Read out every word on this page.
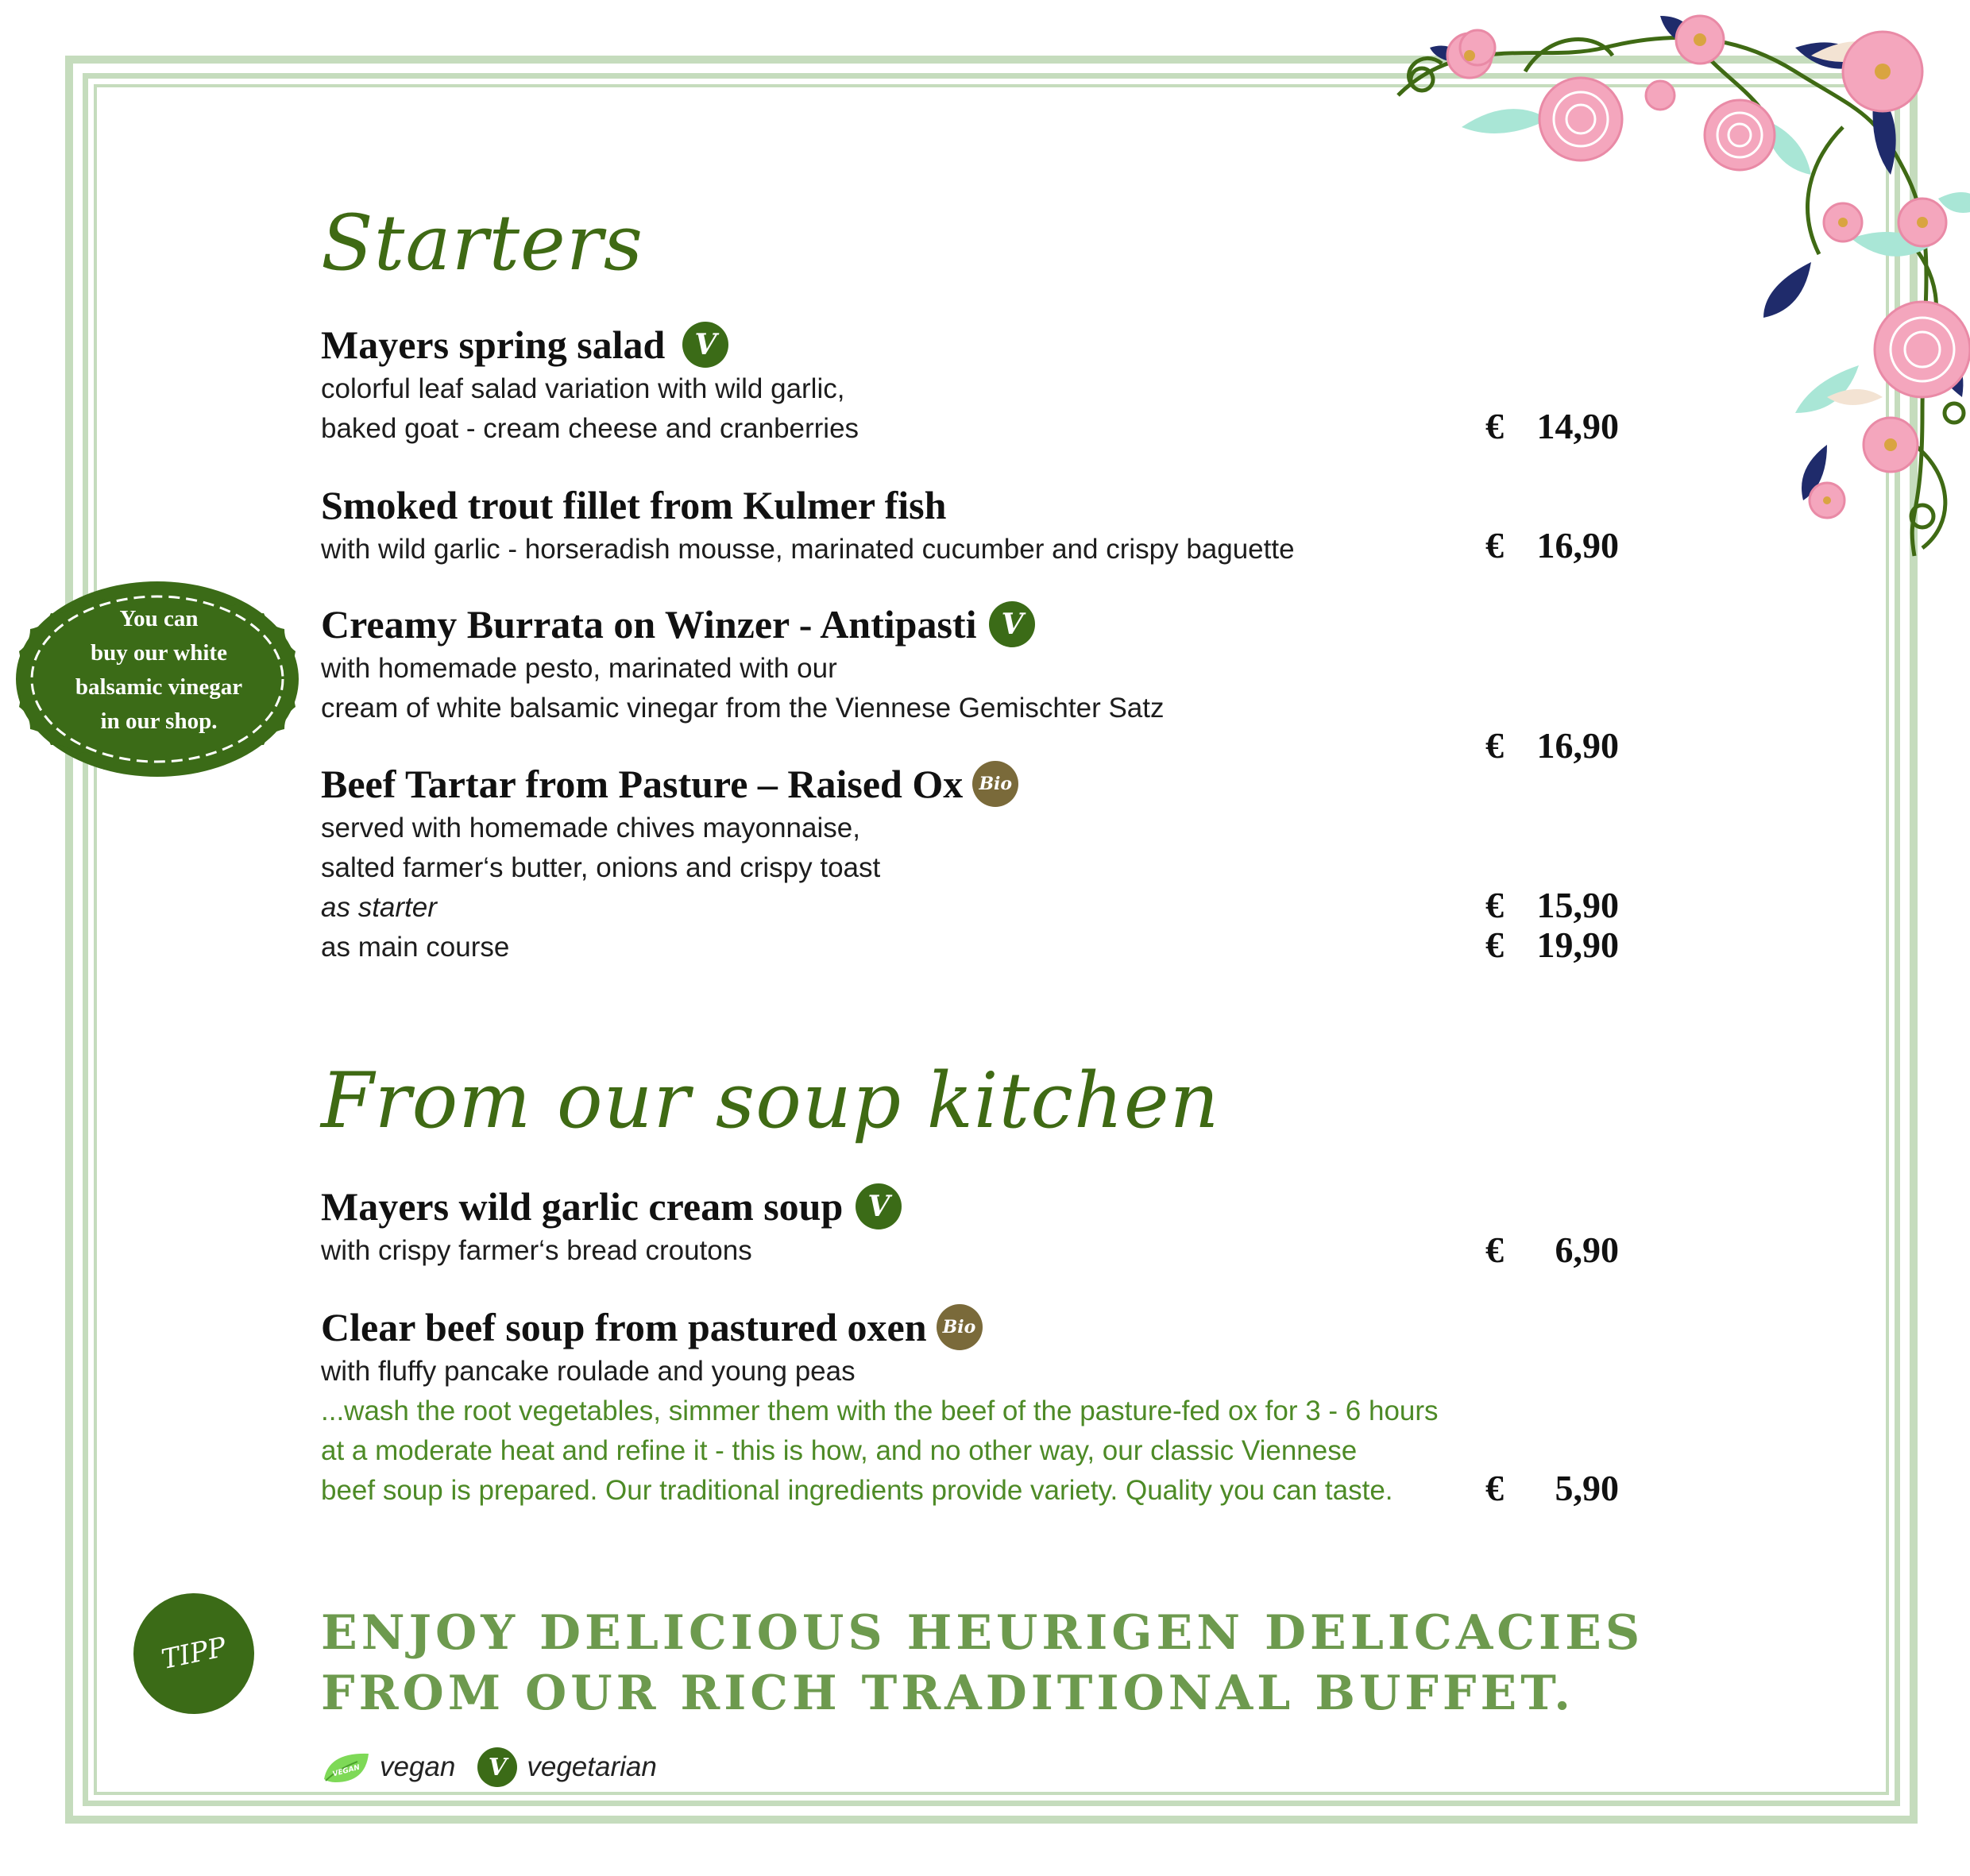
Starters
Mayers spring salad V
colorful leaf salad variation with wild garlic,
baked goat - cream cheese and cranberries	€ 14,90
Smoked trout fillet from Kulmer fish
with wild garlic - horseradish mousse, marinated cucumber and crispy baguette	€ 16,90
Creamy Burrata on Winzer - Antipasti V
with homemade pesto, marinated with our
cream of white balsamic vinegar from the Viennese Gemischter Satz
€ 16,90
Beef Tartar from Pasture – Raised Ox Bio
served with homemade chives mayonnaise,
salted farmer‘s butter, onions and crispy toast
as starter	€ 15,90
as main course	€ 19,90
From our soup kitchen
Mayers wild garlic cream soup V
with crispy farmer‘s bread croutons	€ 6,90
Clear beef soup from pastured oxen Bio
with fluffy pancake roulade and young peas
...wash the root vegetables, simmer them with the beef of the pasture-fed ox for 3 - 6 hours
at a moderate heat and refine it - this is how, and no other way, our classic Viennese
beef soup is prepared. Our traditional ingredients provide variety. Quality you can taste.	€ 5,90
You can
buy our white
balsamic vinegar
in our shop.
TIPP	ENJOY DELICIOUS HEURIGEN DELICACIES
FROM OUR RICH TRADITIONAL BUFFET.
VEGAN vegan	V vegetarian
